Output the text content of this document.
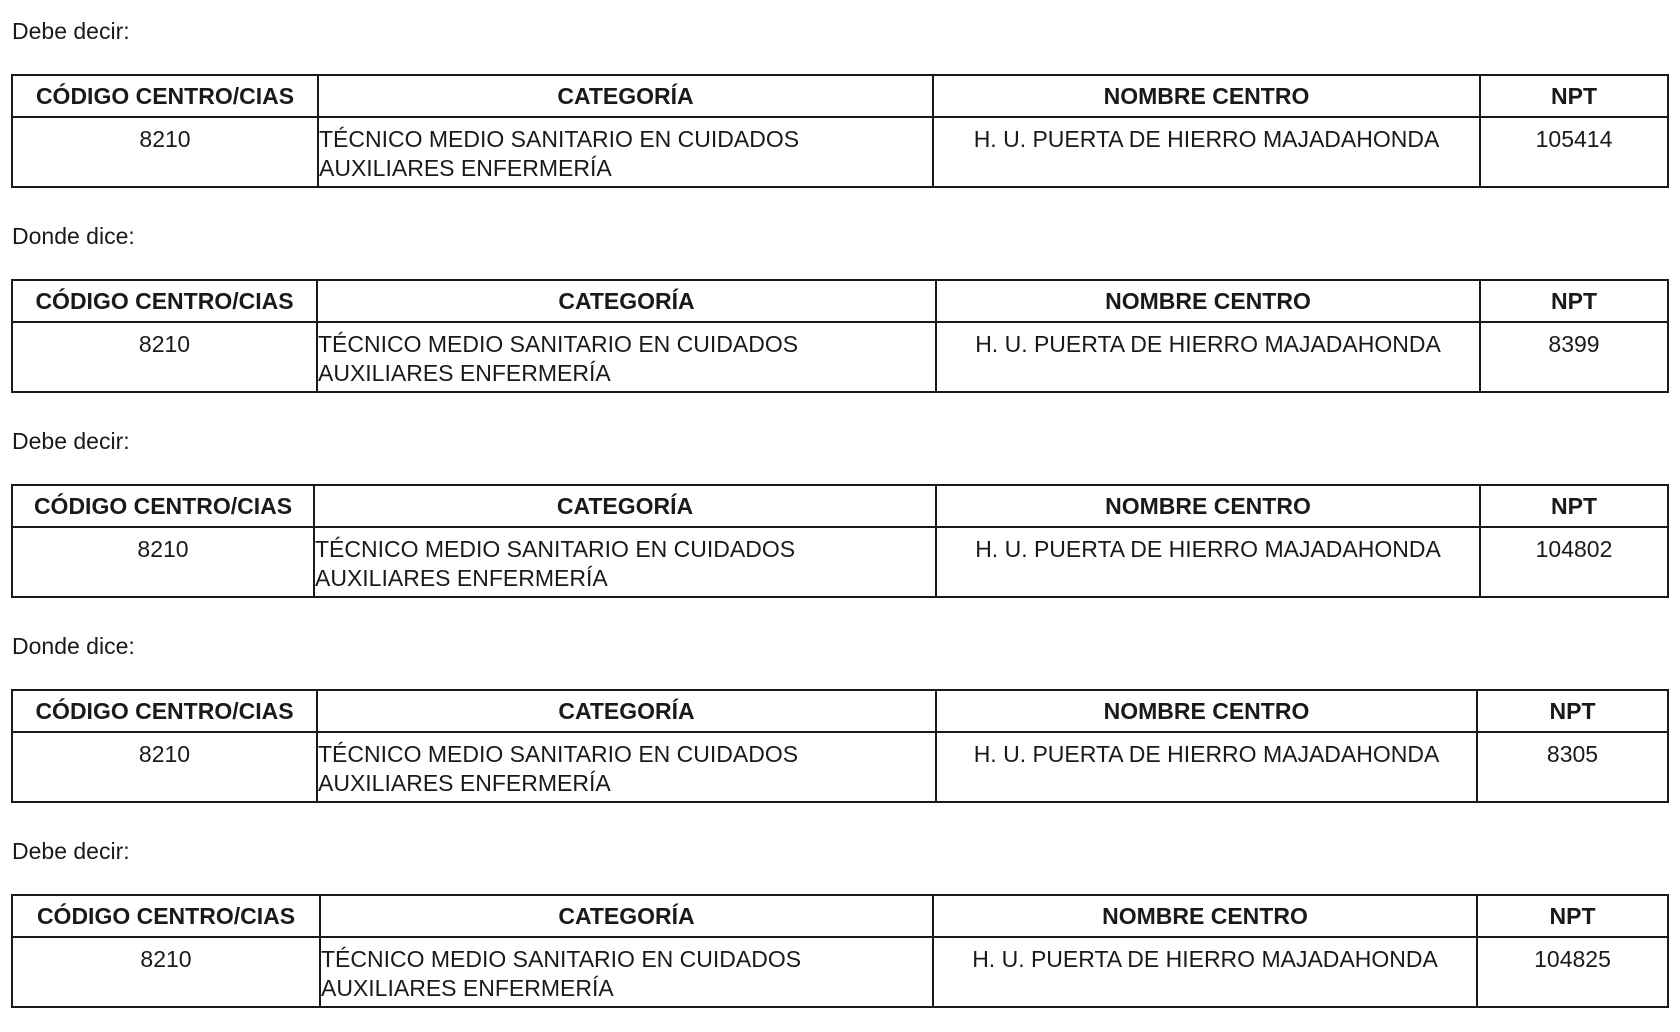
Debe decir:

CÓDIGO CENTRO/CIAS	CATEGORÍA	NOMBRE CENTRO	NPT
8210	TÉCNICO MEDIO SANITARIO EN CUIDADOS AUXILIARES ENFERMERÍA	H. U. PUERTA DE HIERRO MAJADAHONDA	105414

Donde dice:

CÓDIGO CENTRO/CIAS	CATEGORÍA	NOMBRE CENTRO	NPT
8210	TÉCNICO MEDIO SANITARIO EN CUIDADOS AUXILIARES ENFERMERÍA	H. U. PUERTA DE HIERRO MAJADAHONDA	8399

Debe decir:

CÓDIGO CENTRO/CIAS	CATEGORÍA	NOMBRE CENTRO	NPT
8210	TÉCNICO MEDIO SANITARIO EN CUIDADOS AUXILIARES ENFERMERÍA	H. U. PUERTA DE HIERRO MAJADAHONDA	104802

Donde dice:

CÓDIGO CENTRO/CIAS	CATEGORÍA	NOMBRE CENTRO	NPT
8210	TÉCNICO MEDIO SANITARIO EN CUIDADOS AUXILIARES ENFERMERÍA	H. U. PUERTA DE HIERRO MAJADAHONDA	8305

Debe decir:

CÓDIGO CENTRO/CIAS	CATEGORÍA	NOMBRE CENTRO	NPT
8210	TÉCNICO MEDIO SANITARIO EN CUIDADOS AUXILIARES ENFERMERÍA	H. U. PUERTA DE HIERRO MAJADAHONDA	104825
